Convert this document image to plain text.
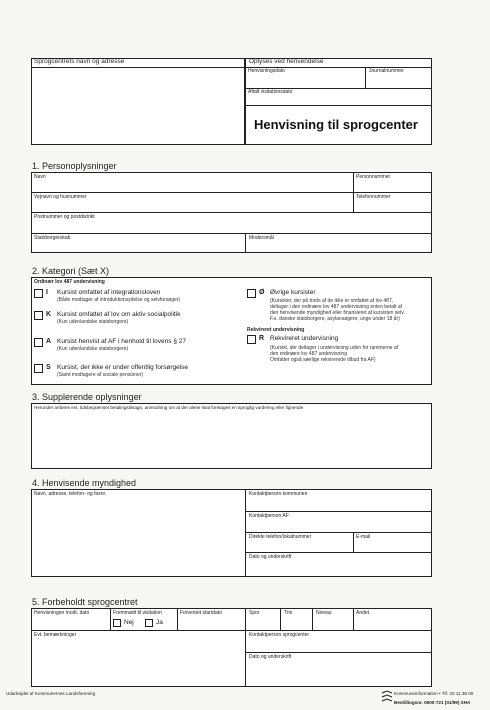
Sprogcentrets navn og adresse	Oplyses ved henvendelse
Henvisningsdato	Journalnummer
Aftalt visitationsdato
Henvisning til sprogcenter
1. Personoplysninger
Navn	Personnummer
Vejnavn og husnummer	Telefonnummer
Postnummer og postdistrikt
Statsborgerskab	Modersmål
2. Kategori (Sæt X)
Ordinær lov 487 undervisning
I Kursist omfattet af integrationsloven
(Både modtager af introduktionsydelse og selvforsøger)
K Kursist omfattet af lov om aktiv socialpolitik
(Kun udenlandske statsborgere)
A Kursist henvist af AF i henhold til lovens § 27
(Kun udenlandske statsborgere)
S Kursist, der ikke er under offentlig forsørgelse
(Samt modtagere af sociale pensioner)
Ø Øvrige kursister
(Kursister, der på trods af de ikke er omfattet af lov 487,
deltager i den ordinære lov 487 undervisning enten betalt af
den henvisende myndighed eller finansieret af kursisten selv.
F.x. danske statsborgere, asylansøgere, unge under 18 år)
Rekvireret undervisning
R Rekvireret undervisning
(Kursist, der deltager i undervisning uden for rammerne af
den ordinære lov 487 undervisning
Omfatter også særlige rekvirerede tilbud fra AF)
3. Supplerende oplysninger
Herunder anføres evt. tidsbegrænset betalingstilsagn, anmodning om at der alene skal foretages en sproglig vurdering eller lignende
4. Henvisende myndighed
Navn, adresse, telefon- og faxnr.	Kontaktperson kommunen
Kontaktperson AF
Direkte telefon/lokalnummer	E-mail
Dato og underskrift
5. Forbeholdt sprogcentret
Henvisningen modt. dato	Fremmødt til visitation
Nej	Ja
Forventet startdato	Spor	Trin	Niveau	Andet
Evt. bemærkninger	Kontaktperson sprogcenter
Dato og underskrift
Udarbejdet af Kommunernes Landsforening	Kommuneinformation • Tlf. 33 11 38 00
Bestillingsnr. 0600-721 (01/99) SHA
